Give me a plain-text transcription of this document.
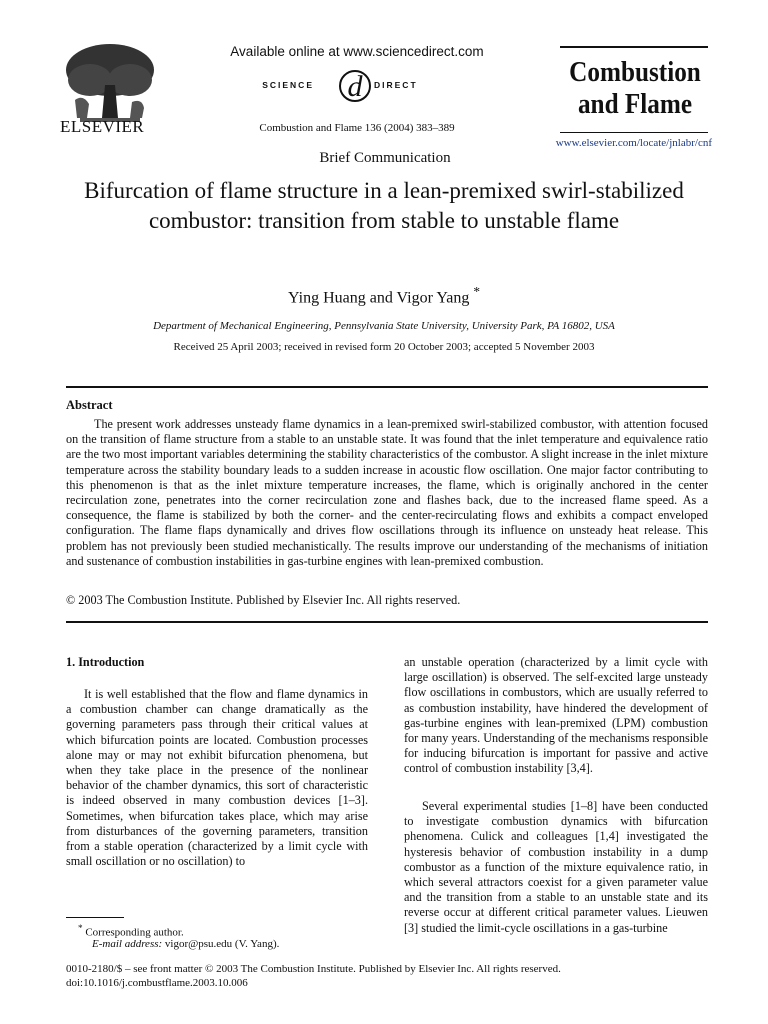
ELSEVIER
Available online at www.sciencedirect.com
SCIENCE d DIRECT
Combustion and Flame 136 (2004) 383–389
Brief Communication
Combustion
and Flame
www.elsevier.com/locate/jnlabr/cnf
Bifurcation of flame structure in a lean-premixed swirl-stabilized combustor: transition from stable to unstable flame
Ying Huang and Vigor Yang *
Department of Mechanical Engineering, Pennsylvania State University, University Park, PA 16802, USA
Received 25 April 2003; received in revised form 20 October 2003; accepted 5 November 2003
Abstract
The present work addresses unsteady flame dynamics in a lean-premixed swirl-stabilized combustor, with attention focused on the transition of flame structure from a stable to an unstable state. It was found that the inlet temperature and equivalence ratio are the two most important variables determining the stability characteristics of the combustor. A slight increase in the inlet mixture temperature across the stability boundary leads to a sudden increase in acoustic flow oscillation. One major factor contributing to this phenomenon is that as the inlet mixture temperature increases, the flame, which is originally anchored in the center recirculation zone, penetrates into the corner recirculation zone and flashes back, due to the increased flame speed. As a consequence, the flame is stabilized by both the corner- and the center-recirculating flows and exhibits a compact enveloped configuration. The flame flaps dynamically and drives flow oscillations through its influence on unsteady heat release. This problem has not previously been studied mechanistically. The results improve our understanding of the mechanisms of initiation and sustenance of combustion instabilities in gas-turbine engines with lean-premixed combustion.
© 2003 The Combustion Institute. Published by Elsevier Inc. All rights reserved.
1. Introduction
It is well established that the flow and flame dynamics in a combustion chamber can change dramatically as the governing parameters pass through their critical values at which bifurcation points are located. Combustion processes alone may or may not exhibit bifurcation phenomena, but when they take place in the presence of the nonlinear behavior of the chamber dynamics, this sort of characteristic is indeed observed in many combustion devices [1–3]. Sometimes, when bifurcation takes place, which may arise from disturbances of the governing parameters, transition from a stable operation (characterized by a limit cycle with small oscillation or no oscillation) to
an unstable operation (characterized by a limit cycle with large oscillation) is observed. The self-excited large unsteady flow oscillations in combustors, which are usually referred to as combustion instability, have hindered the development of gas-turbine engines with lean-premixed (LPM) combustion for many years. Understanding of the mechanisms responsible for inducing bifurcation is important for passive and active control of combustion instability [3,4].
Several experimental studies [1–8] have been conducted to investigate combustion dynamics with bifurcation phenomena. Culick and colleagues [1,4] investigated the hysteresis behavior of combustion instability in a dump combustor as a function of the mixture equivalence ratio, in which several attractors coexist for a given parameter value and the transition from a stable to an unstable state and its reverse occur at different critical parameter values. Lieuwen [3] studied the limit-cycle oscillations in a gas-turbine
* Corresponding author.
E-mail address: vigor@psu.edu (V. Yang).
0010-2180/$ – see front matter © 2003 The Combustion Institute. Published by Elsevier Inc. All rights reserved.
doi:10.1016/j.combustflame.2003.10.006
